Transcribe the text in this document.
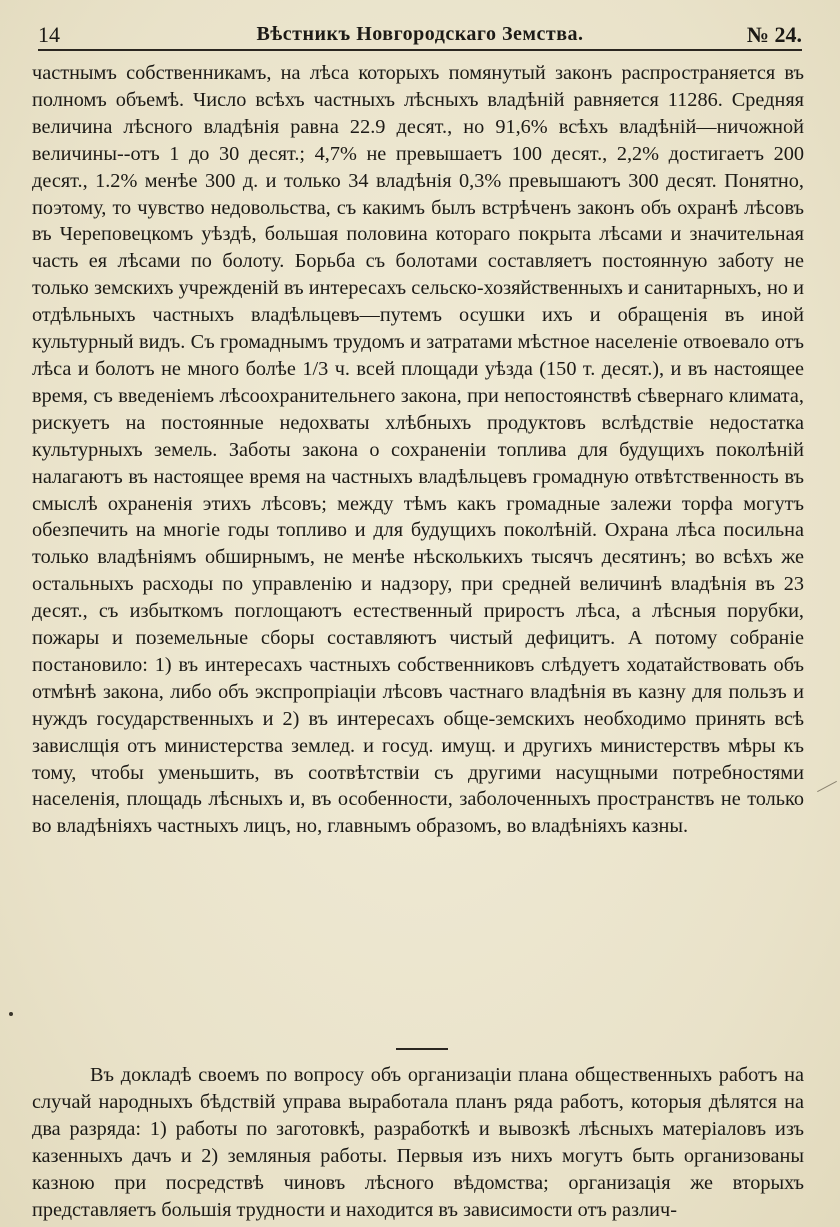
14	Вѣстникъ Новгородскаго Земства.	№ 24.

частнымъ собственникамъ, на лѣса которыхъ помянутый законъ распространяется въ полномъ объемѣ. Число всѣхъ частныхъ лѣсныхъ владѣнiй равняется 11286. Средняя величина лѣсного владѣнiя равна 22.9 десят., но 91,6% всѣхъ владѣнiй—ничожной величины--отъ 1 до 30 десят.; 4,7% не превышаетъ 100 десят., 2,2% достигаетъ 200 десят., 1.2% менѣе 300 д. и только 34 владѣнiя 0,3% превышаютъ 300 десят. Понятно, поэтому, то чувство недовольства, съ какимъ былъ встрѣченъ законъ объ охранѣ лѣсовъ въ Череповецкомъ уѣздѣ, большая половина котораго покрыта лѣсами и значительная часть ея лѣсами по болоту. Борьба съ болотами составляетъ постоянную заботу не только земскихъ учрежденiй въ интересахъ сельско-хозяйственныхъ и санитарныхъ, но и отдѣльныхъ частныхъ владѣльцевъ—путемъ осушки ихъ и обращенiя въ иной культурный видъ. Съ громаднымъ трудомъ и затратами мѣстное населенiе отвоевало отъ лѣса и болотъ не много болѣе 1/3 ч. всей площади уѣзда (150 т. десят.), и въ настоящее время, съ введенiемъ лѣсоохранительнего закона, при непостоянствѣ сѣвернаго климата, рискуетъ на постоянные недохваты хлѣбныхъ продуктовъ вслѣдствiе недостатка культурныхъ земель. Заботы закона о сохраненiи топлива для будущихъ поколѣнiй налагаютъ въ настоящее время на частныхъ владѣльцевъ громадную отвѣтственность въ смыслѣ охраненiя этихъ лѣсовъ; между тѣмъ какъ громадные залежи торфа могутъ обезпечить на многiе годы топливо и для будущихъ поколѣнiй. Охрана лѣса посильна только владѣнiямъ обширнымъ, не менѣе нѣсколькихъ тысячъ десятинъ; во всѣхъ же остальныхъ расходы по управленiю и надзору, при средней величинѣ владѣнiя въ 23 десят., съ избыткомъ поглощаютъ естественный приростъ лѣса, а лѣсныя порубки, пожары и поземельные сборы составляютъ чистый дефицитъ. А потому собранiе постановило: 1) въ интересахъ частныхъ собственниковъ слѣдуетъ ходатайствовать объ отмѣнѣ закона, либо объ экспропрiацiи лѣсовъ частнаго владѣнiя въ казну для пользъ и нуждъ государственныхъ и 2) въ интересахъ обще-земскихъ необходимо принять всѣ завислщiя отъ министерства землед. и госуд. имущ. и другихъ министерствъ мѣры къ тому, чтобы уменьшить, въ соотвѣтствiи съ другими насущными потребностями населенiя, площадь лѣсныхъ и, въ особенности, заболоченныхъ пространствъ не только во владѣнiяхъ частныхъ лицъ, но, главнымъ образомъ, во владѣнiяхъ казны.

Въ докладѣ своемъ по вопросу объ организацiи плана общественныхъ работъ на случай народныхъ бѣдствiй управа выработала планъ ряда работъ, которыя дѣлятся на два разряда: 1) работы по заготовкѣ, разработкѣ и вывозкѣ лѣсныхъ матерiаловъ изъ казенныхъ дачъ и 2) земляныя работы. Первыя изъ нихъ могутъ быть организованы казною при посредствѣ чиновъ лѣсного вѣдомства; организацiя же вторыхъ представляетъ большiя трудности и находится въ зависимости отъ различ-
